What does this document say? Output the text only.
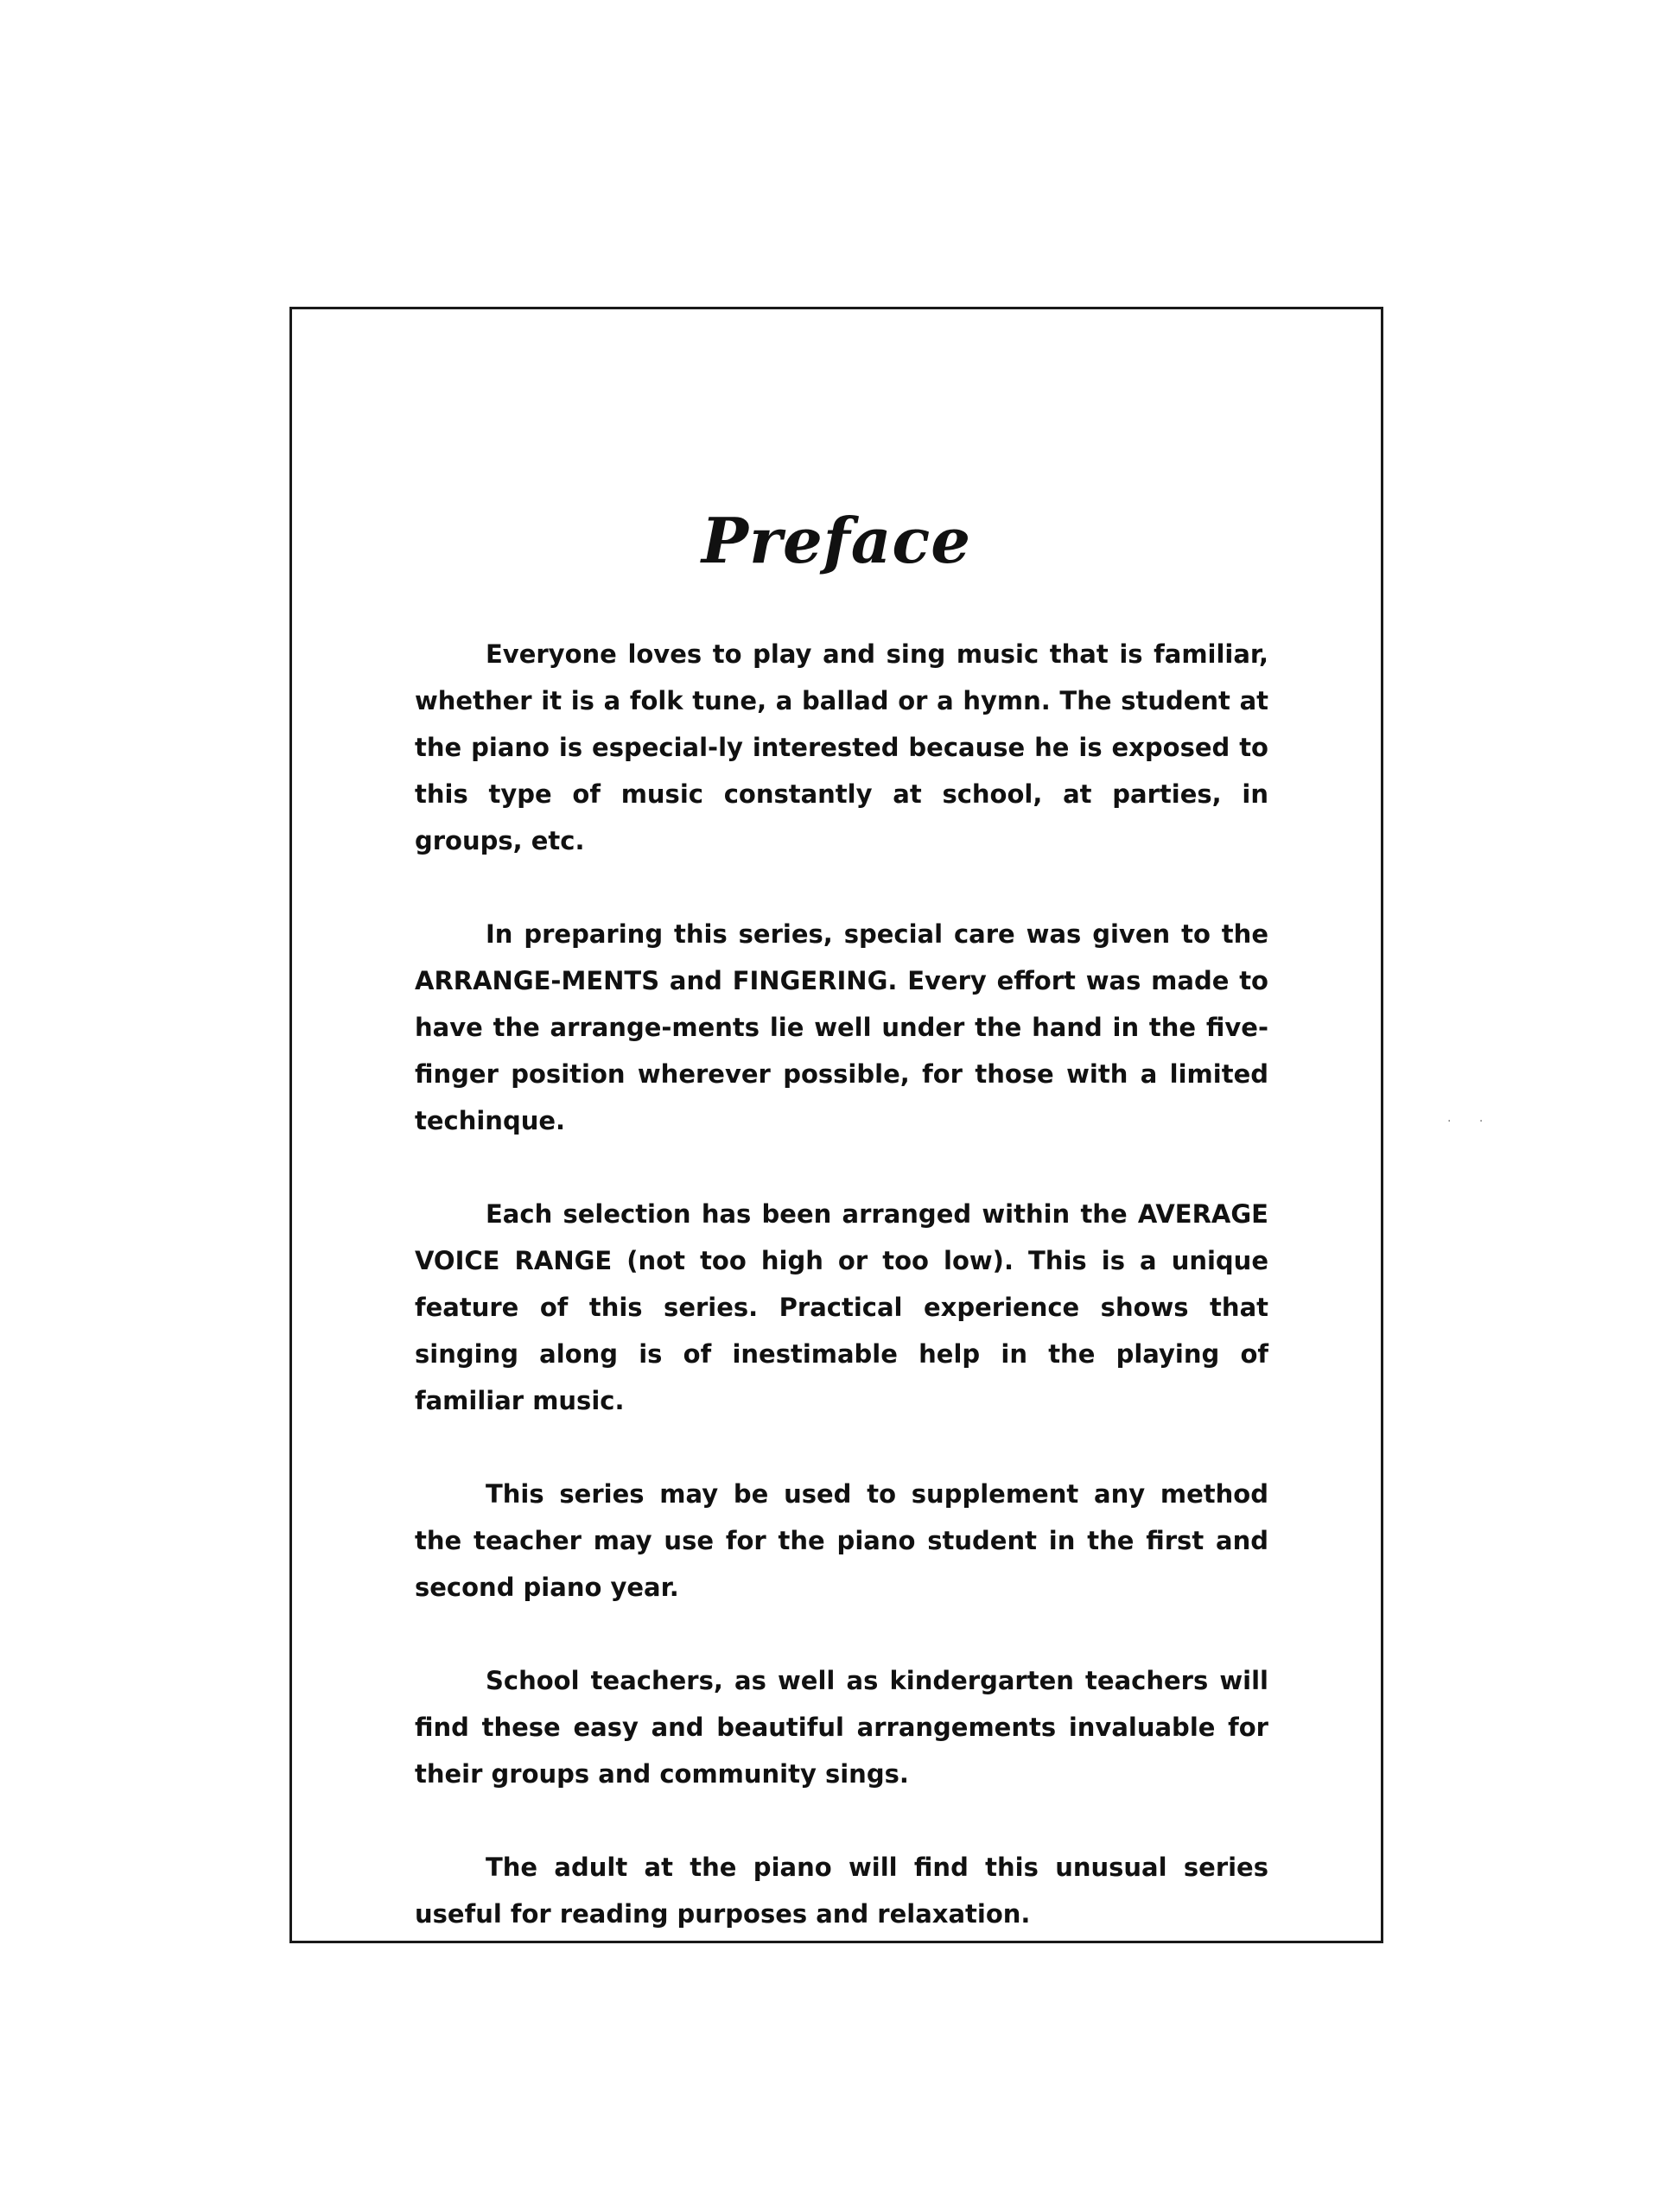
Preface

Everyone loves to play and sing music that is familiar, whether it is a folk tune, a ballad or a hymn. The student at the piano is especial-ly interested because he is exposed to this type of music constantly at school, at parties, in groups, etc.

In preparing this series, special care was given to the ARRANGE-MENTS and FINGERING. Every effort was made to have the arrange-ments lie well under the hand in the five-finger position wherever possible, for those with a limited techinque.

Each selection has been arranged within the AVERAGE VOICE RANGE (not too high or too low). This is a unique feature of this series. Practical experience shows that singing along is of inestimable help in the playing of familiar music.

This series may be used to supplement any method the teacher may use for the piano student in the first and second piano year.

School teachers, as well as kindergarten teachers will find these easy and beautiful arrangements invaluable for their groups and community sings.

The adult at the piano will find this unusual series useful for reading purposes and relaxation.

· ·
